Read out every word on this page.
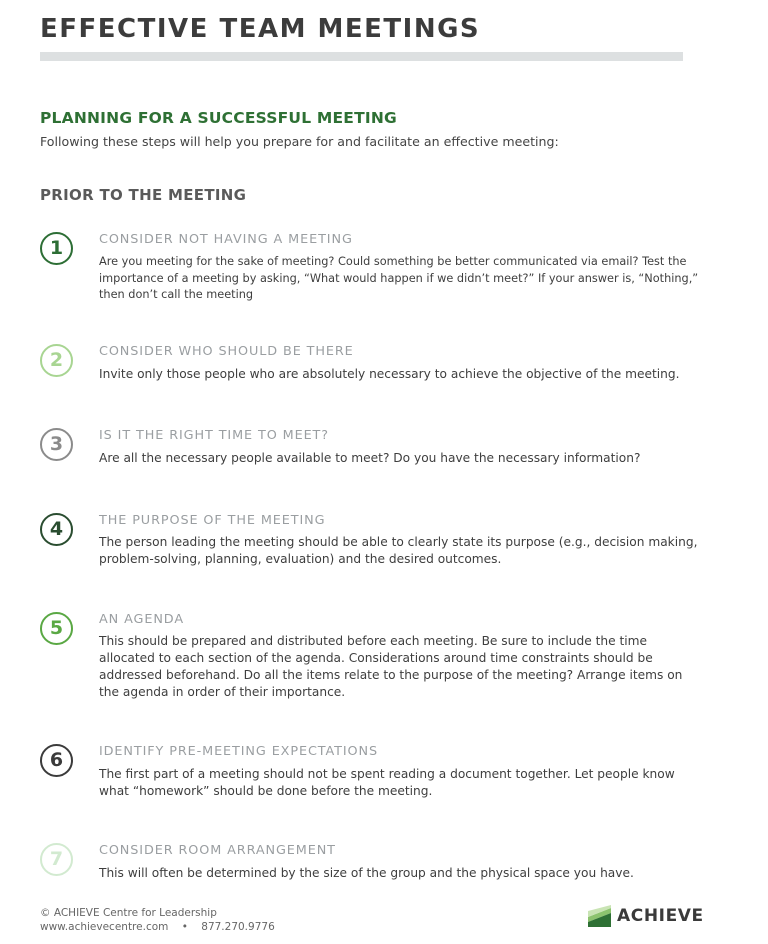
EFFECTIVE TEAM MEETINGS
PLANNING FOR A SUCCESSFUL MEETING

Following these steps will help you prepare for and facilitate an effective meeting:

PRIOR TO THE MEETING
1	CONSIDER NOT HAVING A MEETING

Are you meeting for the sake of meeting? Could something be better communicated via email? Test the importance of a meeting by asking, “What would happen if we didn’t meet?” If your answer is, “Nothing,” then don’t call the meeting

2	CONSIDER WHO SHOULD BE THERE

Invite only those people who are absolutely necessary to achieve the objective of the meeting.

3	IS IT THE RIGHT TIME TO MEET?

Are all the necessary people available to meet? Do you have the necessary information?

4	THE PURPOSE OF THE MEETING

The person leading the meeting should be able to clearly state its purpose (e.g., decision making, problem-solving, planning, evaluation) and the desired outcomes.

5	AN AGENDA

This should be prepared and distributed before each meeting. Be sure to include the time allocated to each section of the agenda. Considerations around time constraints should be addressed beforehand. Do all the items relate to the purpose of the meeting? Arrange items on the agenda in order of their importance.

6	IDENTIFY PRE-MEETING EXPECTATIONS

The first part of a meeting should not be spent reading a document together. Let people know what “homework” should be done before the meeting.

7	CONSIDER ROOM ARRANGEMENT

This will often be determined by the size of the group and the physical space you have.

© ACHIEVE Centre for Leadership
www.achievecentre.com • 877.270.9776
ACHIEVE
